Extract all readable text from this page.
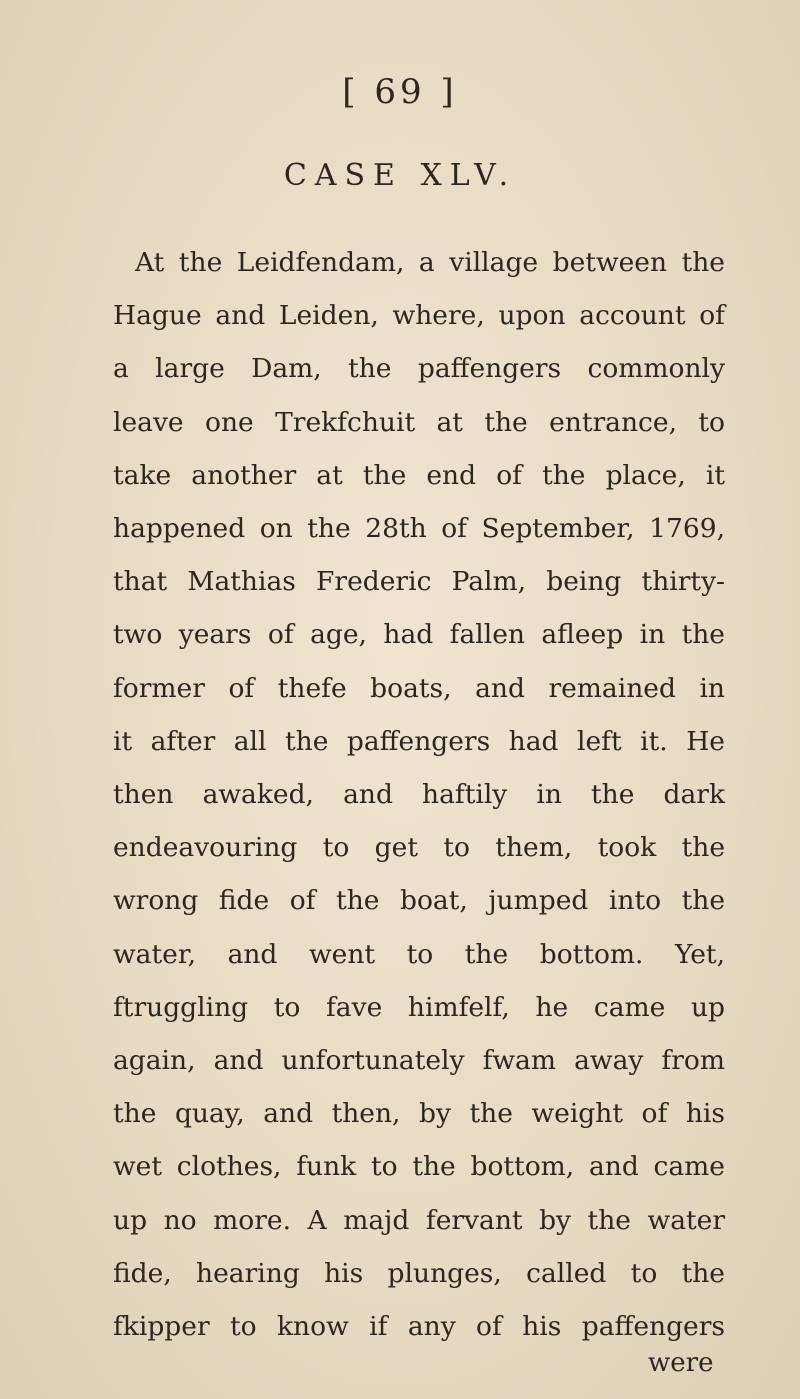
[ 69 ]
CASE XLV.
At the Leidfendam, a village between the
Hague and Leiden, where, upon account of
a large Dam, the paffengers commonly
leave one Trekfchuit at the entrance, to
take another at the end of the place, it
happened on the 28th of September, 1769,
that Mathias Frederic Palm, being thirty-
two years of age, had fallen afleep in the
former of thefe boats, and remained in
it after all the paffengers had left it. He
then awaked, and haftily in the dark
endeavouring to get to them, took the
wrong fide of the boat, jumped into the
water, and went to the bottom. Yet,
ftruggling to fave himfelf, he came up
again, and unfortunately fwam away from
the quay, and then, by the weight of his
wet clothes, funk to the bottom, and came
up no more. A majd fervant by the water
fide, hearing his plunges, called to the
fkipper to know if any of his paffengers
were
